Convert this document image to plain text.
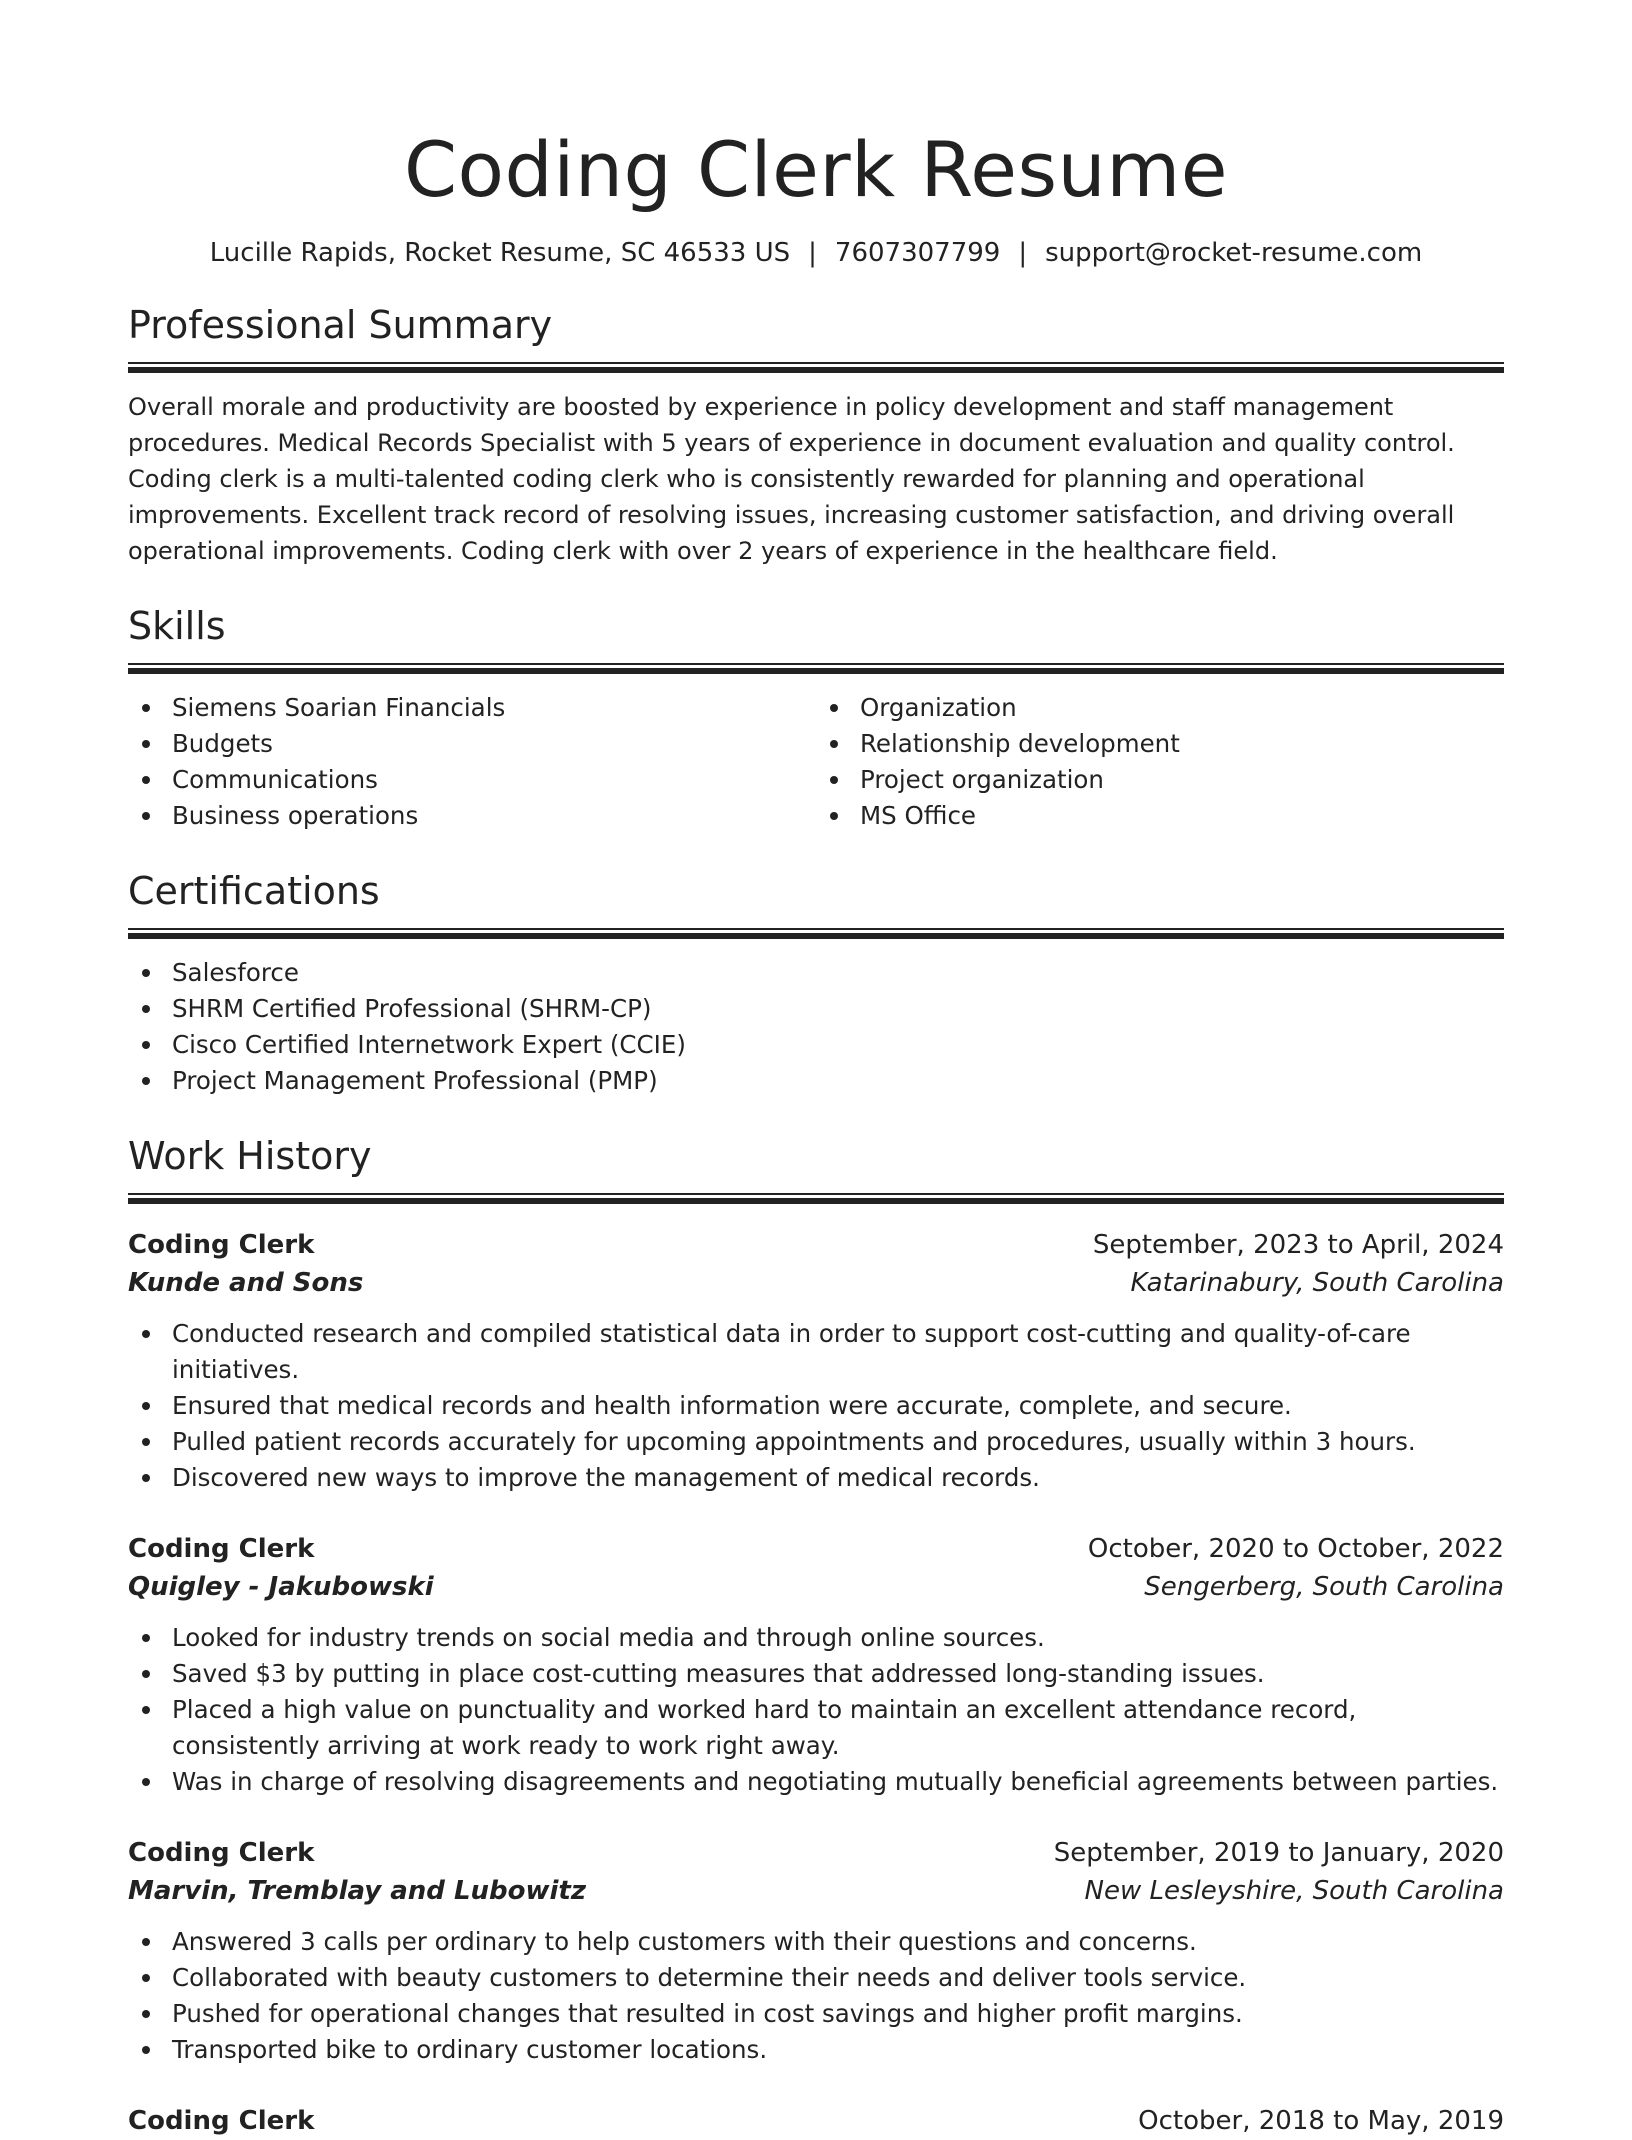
Coding Clerk Resume
Lucille Rapids, Rocket Resume, SC 46533 US | 7607307799 | support@rocket-resume.com
Professional Summary

Overall morale and productivity are boosted by experience in policy development and staff management procedures. Medical Records Specialist with 5 years of experience in document evaluation and quality control. Coding clerk is a multi-talented coding clerk who is consistently rewarded for planning and operational improvements. Excellent track record of resolving issues, increasing customer satisfaction, and driving overall operational improvements. Coding clerk with over 2 years of experience in the healthcare field.

Skills
Siemens Soarian Financials
Budgets
Communications
Business operations
Organization
Relationship development
Project organization
MS Office
Certifications
Salesforce
SHRM Certified Professional (SHRM-CP)
Cisco Certified Internetwork Expert (CCIE)
Project Management Professional (PMP)
Work History
Coding Clerk	September, 2023 to April, 2024
Kunde and Sons	Katarinabury, South Carolina
Conducted research and compiled statistical data in order to support cost-cutting and quality-of-care initiatives.
Ensured that medical records and health information were accurate, complete, and secure.
Pulled patient records accurately for upcoming appointments and procedures, usually within 3 hours.
Discovered new ways to improve the management of medical records.
Coding Clerk	October, 2020 to October, 2022
Quigley - Jakubowski	Sengerberg, South Carolina
Looked for industry trends on social media and through online sources.
Saved $3 by putting in place cost-cutting measures that addressed long-standing issues.
Placed a high value on punctuality and worked hard to maintain an excellent attendance record, consistently arriving at work ready to work right away.
Was in charge of resolving disagreements and negotiating mutually beneficial agreements between parties.
Coding Clerk	September, 2019 to January, 2020
Marvin, Tremblay and Lubowitz	New Lesleyshire, South Carolina
Answered 3 calls per ordinary to help customers with their questions and concerns.
Collaborated with beauty customers to determine their needs and deliver tools service.
Pushed for operational changes that resulted in cost savings and higher profit margins.
Transported bike to ordinary customer locations.
Coding Clerk	October, 2018 to May, 2019
